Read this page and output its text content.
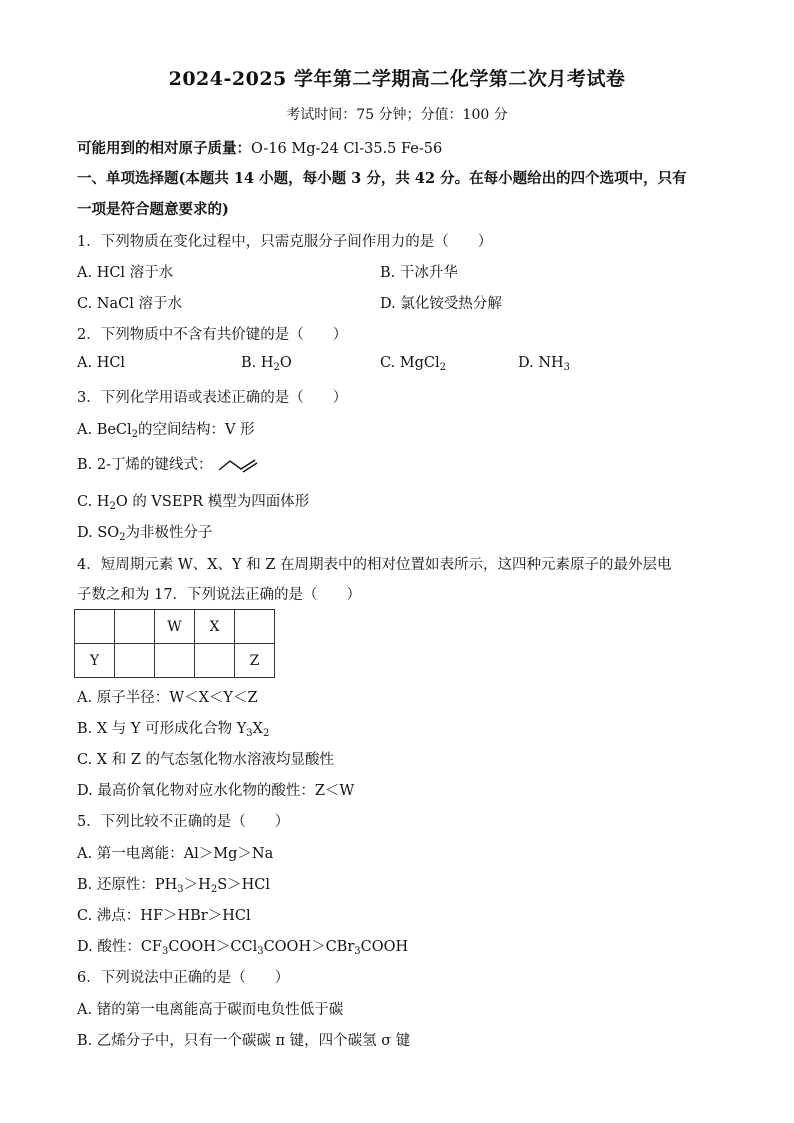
2024-2025 学年第二学期高二化学第二次月考试卷
考试时间：75 分钟；分值：100 分
可能用到的相对原子质量：O-16 Mg-24 Cl-35.5 Fe-56
一、单项选择题(本题共 14 小题，每小题 3 分，共 42 分。在每小题给出的四个选项中，只有
一项是符合题意要求的)
1．下列物质在变化过程中，只需克服分子间作用力的是（　　）
A. HCl 溶于水	B. 干冰升华
C. NaCl 溶于水	D. 氯化铵受热分解
2．下列物质中不含有共价键的是（　　）
A. HCl	B. $H_2O$	C. MgCl$_2$	D. $NH_3$
3．下列化学用语或表述正确的是（　　）
A. BeCl$_2$的空间结构：V 形
B. 2-丁烯的键线式：
C. $H_2O$ 的 VSEPR 模型为四面体形
D. $SO_2$为非极性分子
4．短周期元素 W、X、Y 和 Z 在周期表中的相对位置如表所示，这四种元素原子的最外层电
子数之和为 17．下列说法正确的是（　　）
		W	X	
Y				Z
A. 原子半径：W＜X＜Y＜Z
B. X 与 Y 可形成化合物 $Y_3X_2$
C. X 和 Z 的气态氢化物水溶液均显酸性
D. 最高价氧化物对应水化物的酸性：Z＜W
5．下列比较不正确的是（　　）
A. 第一电离能：Al＞Mg＞Na
B. 还原性：$PH_3>H_2S>HCl$
C. 沸点：HF＞HBr＞HCl
D. 酸性：$CF_3COOH>CCl_3COOH>CBr_3COOH$
6．下列说法中正确的是（　　）
A. 锗的第一电离能高于碳而电负性低于碳
B. 乙烯分子中，只有一个碳碳 π 键，四个碳氢 σ 键
